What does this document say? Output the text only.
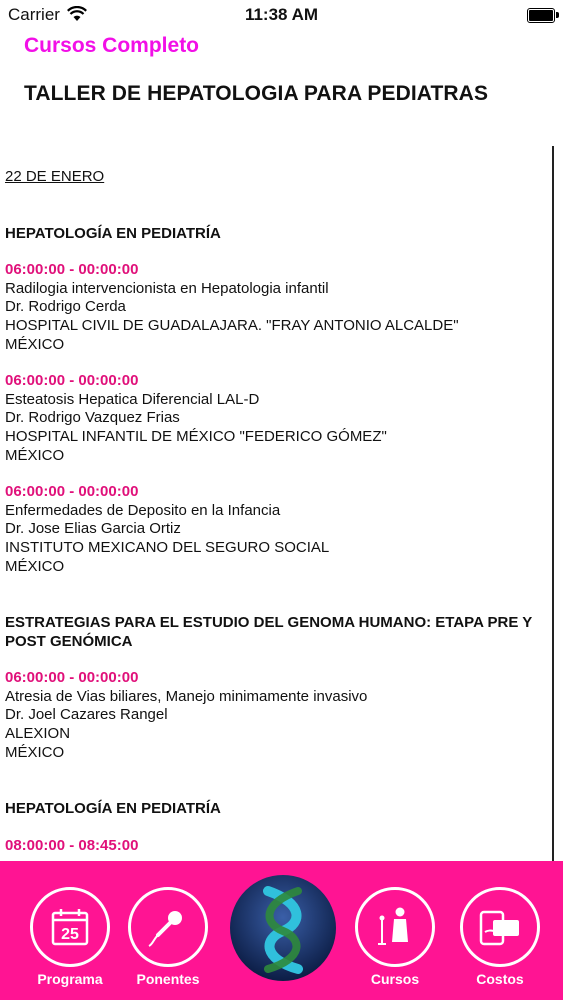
Carrier	11:38 AM
Cursos Completo
TALLER DE HEPATOLOGIA PARA PEDIATRAS
22 DE ENERO
HEPATOLOGÍA EN PEDIATRÍA
06:00:00 - 00:00:00
Radilogia intervencionista en Hepatologia infantil
Dr. Rodrigo Cerda
HOSPITAL CIVIL DE GUADALAJARA. "FRAY ANTONIO ALCALDE"
MÉXICO
06:00:00 - 00:00:00
Esteatosis Hepatica Diferencial LAL-D
Dr. Rodrigo Vazquez Frias
HOSPITAL INFANTIL DE MÉXICO "FEDERICO GÓMEZ"
MÉXICO
06:00:00 - 00:00:00
Enfermedades de Deposito en la Infancia
Dr. Jose Elias Garcia Ortiz
INSTITUTO MEXICANO DEL SEGURO SOCIAL
MÉXICO
ESTRATEGIAS PARA EL ESTUDIO DEL GENOMA HUMANO: ETAPA PRE Y POST GENÓMICA
06:00:00 - 00:00:00
Atresia de Vias biliares, Manejo minimamente invasivo
Dr. Joel Cazares Rangel
ALEXION
MÉXICO
HEPATOLOGÍA EN PEDIATRÍA
08:00:00 - 08:45:00
25
Programa	Ponentes	Cursos	Costos
